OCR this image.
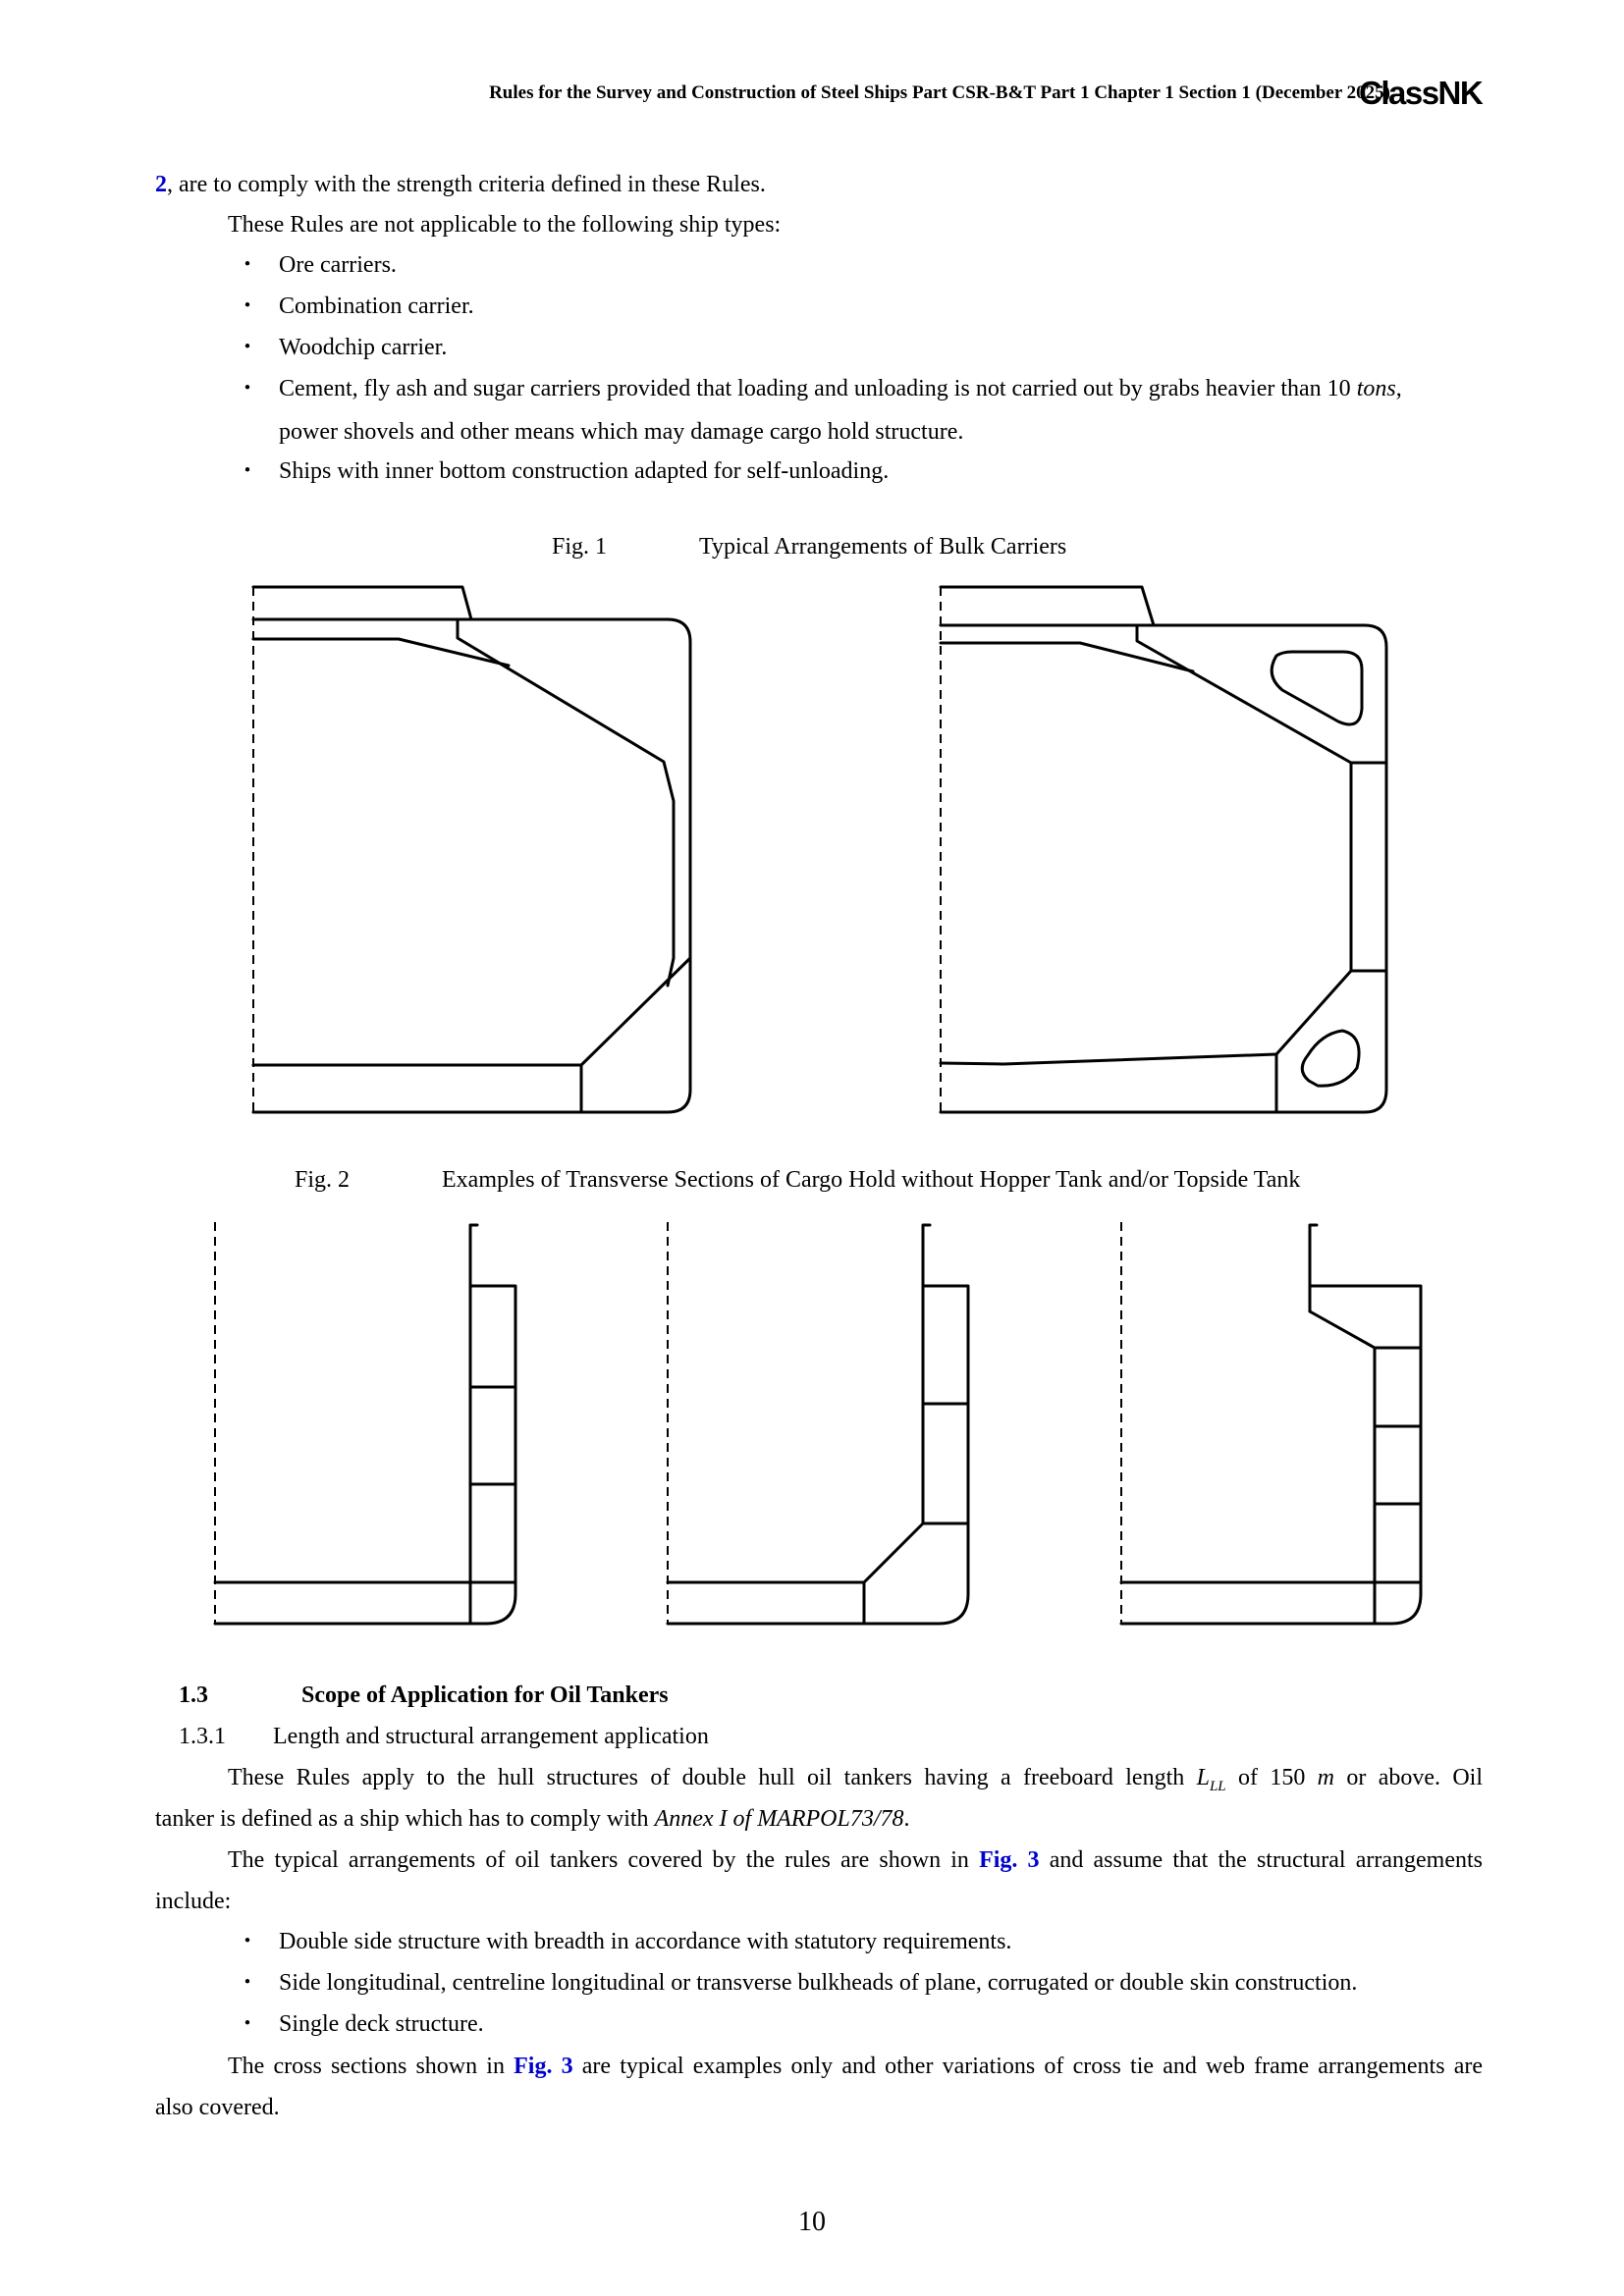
Rules for the Survey and Construction of Steel Ships Part CSR-B&T Part 1 Chapter 1 Section 1 (December 2025)
ClassNK
2, are to comply with the strength criteria defined in these Rules.
These Rules are not applicable to the following ship types:
・ Ore carriers.
・ Combination carrier.
・ Woodchip carrier.
・ Cement, fly ash and sugar carriers provided that loading and unloading is not carried out by grabs heavier than 10 tons,
power shovels and other means which may damage cargo hold structure.
・ Ships with inner bottom construction adapted for self-unloading.
Fig. 1	Typical Arrangements of Bulk Carriers
Fig. 2	Examples of Transverse Sections of Cargo Hold without Hopper Tank and/or Topside Tank
1.3	Scope of Application for Oil Tankers
1.3.1 Length and structural arrangement application
These Rules apply to the hull structures of double hull oil tankers having a freeboard length $L_{LL}$ of 150 m or above. Oil
tanker is defined as a ship which has to comply with Annex I of MARPOL73/78.
The typical arrangements of oil tankers covered by the rules are shown in Fig. 3 and assume that the structural arrangements
include:
・ Double side structure with breadth in accordance with statutory requirements.
・ Side longitudinal, centreline longitudinal or transverse bulkheads of plane, corrugated or double skin construction.
・ Single deck structure.
The cross sections shown in Fig. 3 are typical examples only and other variations of cross tie and web frame arrangements are
also covered.
10
